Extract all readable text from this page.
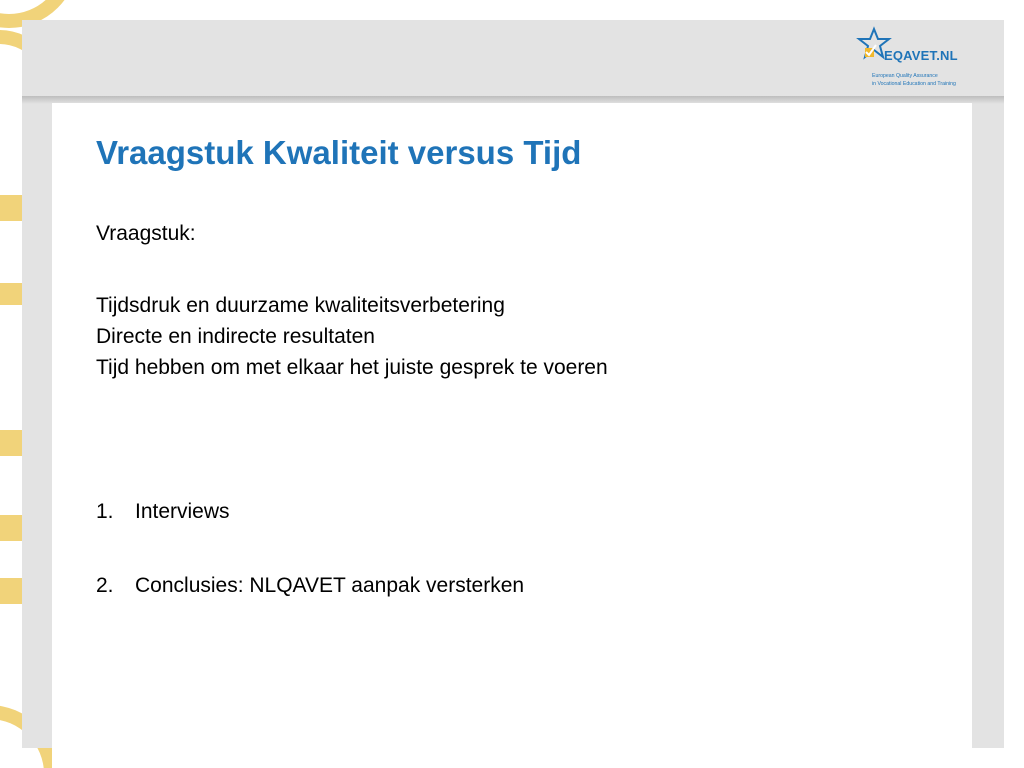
EQAVET.NL
European Quality Assurance
in Vocational Education and Training
Vraagstuk Kwaliteit versus Tijd

Vraagstuk:

Tijdsdruk en duurzame kwaliteitsverbetering

Directe en indirecte resultaten

Tijd hebben om met elkaar het juiste gesprek te voeren

1.	Interviews
2.	Conclusies: NLQAVET aanpak versterken
